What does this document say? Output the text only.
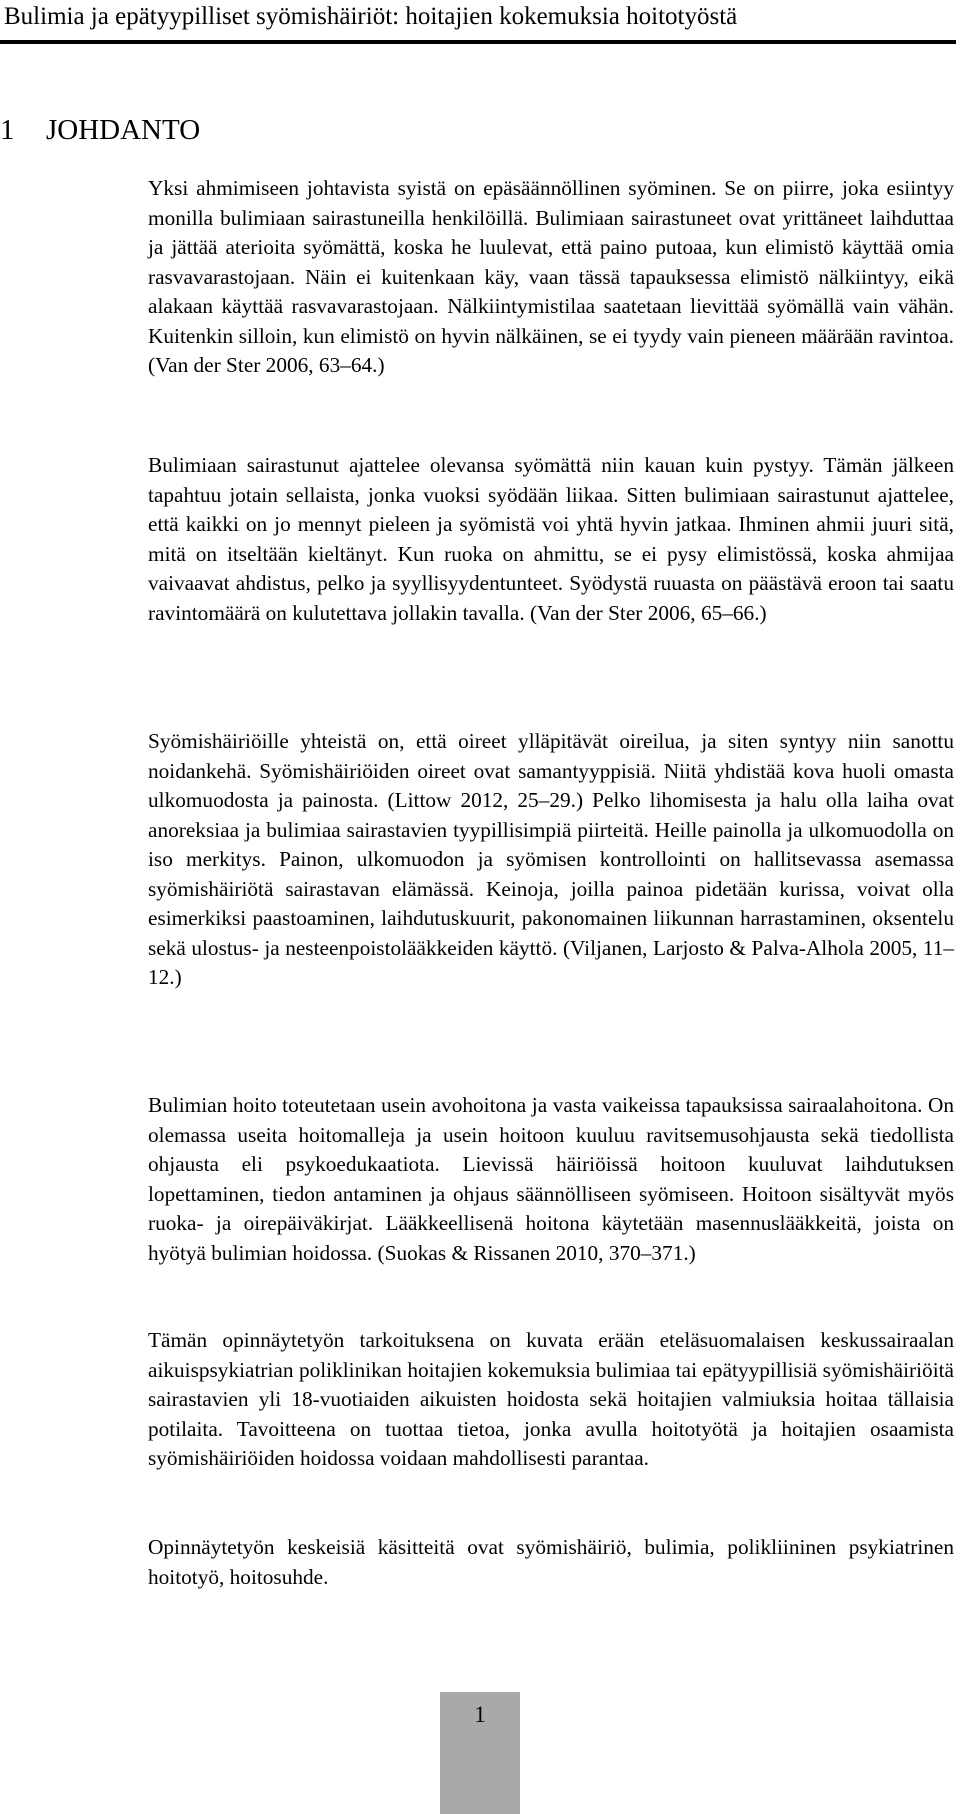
Bulimia ja epätyypilliset syömishäiriöt: hoitajien kokemuksia hoitotyöstä
1 JOHDANTO

Yksi ahmimiseen johtavista syistä on epäsäännöllinen syöminen. Se on piirre, joka esiintyy monilla bulimiaan sairastuneilla henkilöillä. Bulimiaan sairastuneet ovat yrittäneet laihduttaa ja jättää aterioita syömättä, koska he luulevat, että paino putoaa, kun elimistö käyttää omia rasvavarastojaan. Näin ei kuitenkaan käy, vaan tässä tapauksessa elimistö nälkiintyy, eikä alakaan käyttää rasvavarastojaan. Nälkiintymistilaa saatetaan lievittää syömällä vain vähän. Kuitenkin silloin, kun elimistö on hyvin nälkäinen, se ei tyydy vain pieneen määrään ravintoa. (Van der Ster 2006, 63–64.)

Bulimiaan sairastunut ajattelee olevansa syömättä niin kauan kuin pystyy. Tämän jälkeen tapahtuu jotain sellaista, jonka vuoksi syödään liikaa. Sitten bulimiaan sairastunut ajattelee, että kaikki on jo mennyt pieleen ja syömistä voi yhtä hyvin jatkaa. Ihminen ahmii juuri sitä, mitä on itseltään kieltänyt. Kun ruoka on ahmittu, se ei pysy elimistössä, koska ahmijaa vaivaavat ahdistus, pelko ja syyllisyydentunteet. Syödystä ruuasta on päästävä eroon tai saatu ravintomäärä on kulutettava jollakin tavalla. (Van der Ster 2006, 65–66.)

Syömishäiriöille yhteistä on, että oireet ylläpitävät oireilua, ja siten syntyy niin sanottu noidankehä. Syömishäiriöiden oireet ovat samantyyppisiä. Niitä yhdistää kova huoli omasta ulkomuodosta ja painosta. (Littow 2012, 25–29.) Pelko lihomisesta ja halu olla laiha ovat anoreksiaa ja bulimiaa sairastavien tyypillisimpiä piirteitä. Heille painolla ja ulkomuodolla on iso merkitys. Painon, ulkomuodon ja syömisen kontrollointi on hallitsevassa asemassa syömishäiriötä sairastavan elämässä. Keinoja, joilla painoa pidetään kurissa, voivat olla esimerkiksi paastoaminen, laihdutuskuurit, pakonomainen liikunnan harrastaminen, oksentelu sekä ulostus- ja nesteenpoistolääkkeiden käyttö. (Viljanen, Larjosto & Palva-Alhola 2005, 11–12.)

Bulimian hoito toteutetaan usein avohoitona ja vasta vaikeissa tapauksissa sairaalahoitona. On olemassa useita hoitomalleja ja usein hoitoon kuuluu ravitsemusohjausta sekä tiedollista ohjausta eli psykoedukaatiota. Lievissä häiriöissä hoitoon kuuluvat laihdutuksen lopettaminen, tiedon antaminen ja ohjaus säännölliseen syömiseen. Hoitoon sisältyvät myös ruoka- ja oirepäiväkirjat. Lääkkeellisenä hoitona käytetään masennuslääkkeitä, joista on hyötyä bulimian hoidossa. (Suokas & Rissanen 2010, 370–371.)

Tämän opinnäytetyön tarkoituksena on kuvata erään eteläsuomalaisen keskussairaalan aikuispsykiatrian poliklinikan hoitajien kokemuksia bulimiaa tai epätyypillisiä syömishäiriöitä sairastavien yli 18-vuotiaiden aikuisten hoidosta sekä hoitajien valmiuksia hoitaa tällaisia potilaita. Tavoitteena on tuottaa tietoa, jonka avulla hoitotyötä ja hoitajien osaamista syömishäiriöiden hoidossa voidaan mahdollisesti parantaa.

Opinnäytetyön keskeisiä käsitteitä ovat syömishäiriö, bulimia, polikliininen psykiatrinen hoitotyö, hoitosuhde.

1
